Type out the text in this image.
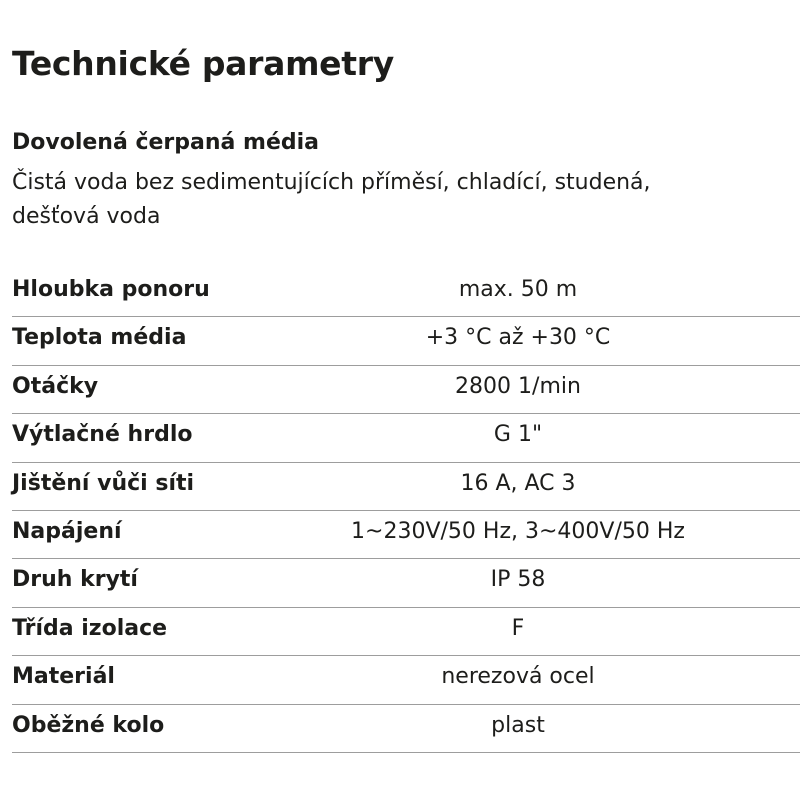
Technické parametry
Dovolená čerpaná média
Čistá voda bez sedimentujících příměsí, chladící, studená,
dešťová voda
Hloubka ponoru	max. 50 m
Teplota média	+3 °C až +30 °C
Otáčky	2800 1/min
Výtlačné hrdlo	G 1"
Jištění vůči síti	16 A, AC 3
Napájení	1~230V/50 Hz, 3~400V/50 Hz
Druh krytí	IP 58
Třída izolace	F
Materiál	nerezová ocel
Oběžné kolo	plast
